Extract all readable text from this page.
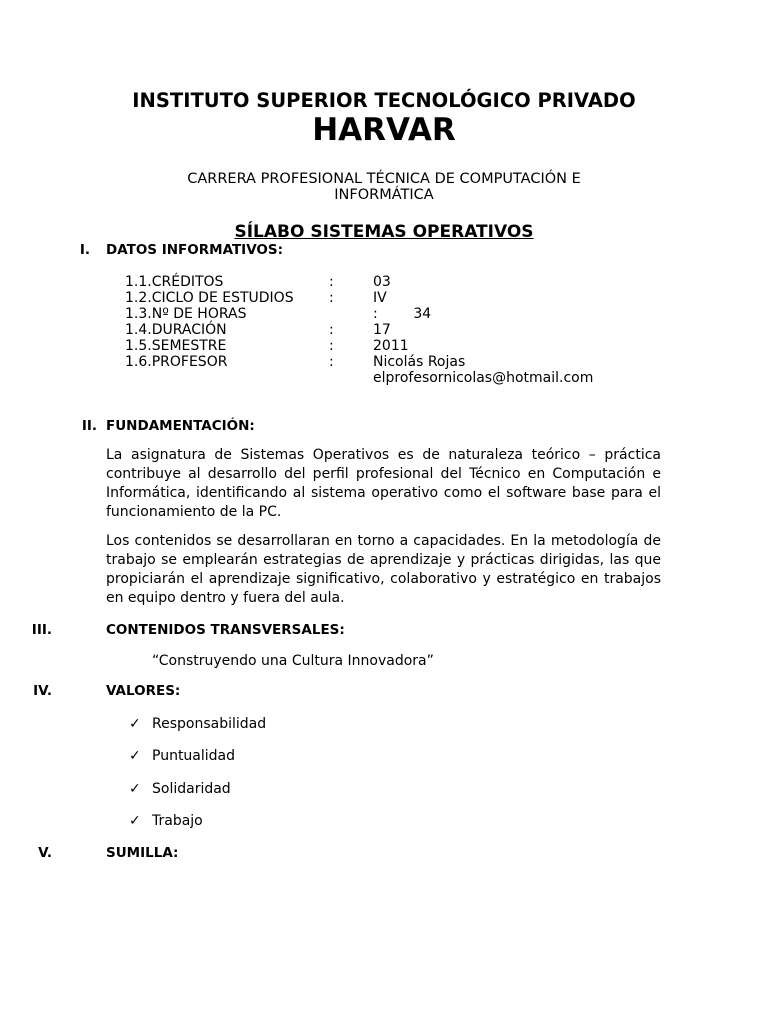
INSTITUTO SUPERIOR TECNOLÓGICO PRIVADO
HARVAR
CARRERA PROFESIONAL TÉCNICA DE COMPUTACIÓN E INFORMÁTICA
SÍLABO SISTEMAS OPERATIVOS
I. DATOS INFORMATIVOS:
1.1.CRÉDITOS	:	03
1.2.CICLO DE ESTUDIOS	:	IV
1.3.Nº DE HORAS	:        34
1.4.DURACIÓN	:	17
1.5.SEMESTRE	:	2011
1.6.PROFESOR	:	Nicolás Rojas
elprofesornicolas@hotmail.com
II. FUNDAMENTACIÓN:
La asignatura de Sistemas Operativos es de naturaleza teórico – práctica contribuye al desarrollo del perfil profesional del Técnico en Computación e Informática, identificando al sistema operativo como el software base para el funcionamiento de la PC.
Los contenidos se desarrollaran en torno a capacidades. En la metodología de trabajo se emplearán estrategias de aprendizaje y prácticas dirigidas, las que propiciarán el aprendizaje significativo, colaborativo y estratégico en trabajos en equipo dentro y fuera del aula.
III.	CONTENIDOS TRANSVERSALES:
“Construyendo una Cultura Innovadora”
IV.	VALORES:
✓ Responsabilidad
✓ Puntualidad
✓ Solidaridad
✓ Trabajo
V.	SUMILLA:
